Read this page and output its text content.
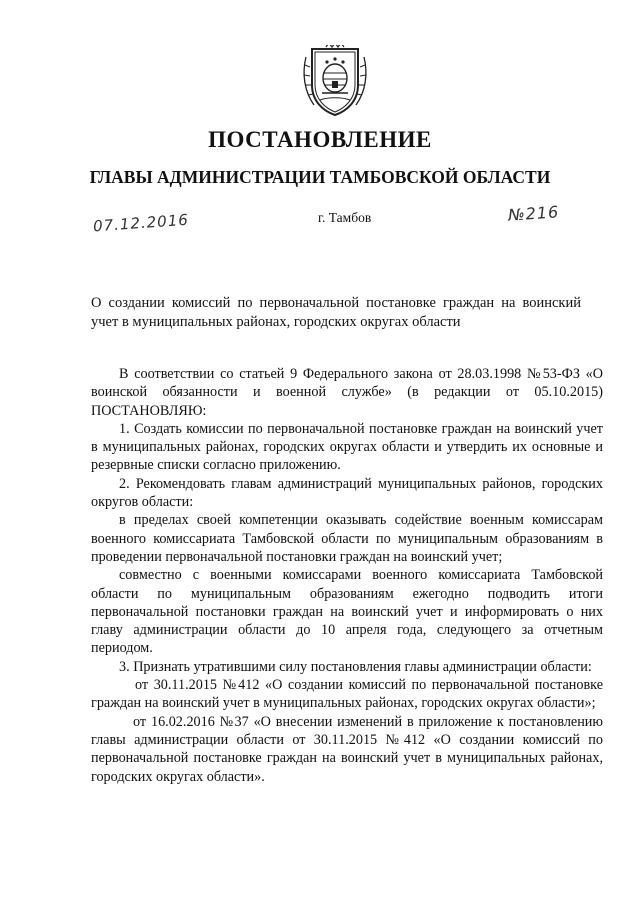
ПОСТАНОВЛЕНИЕ
ГЛАВЫ АДМИНИСТРАЦИИ ТАМБОВСКОЙ ОБЛАСТИ
07.12.2016	г. Тамбов	№216

О создании комиссий по первоначальной постановке граждан на воинский учет в муниципальных районах, городских округах области

В соответствии со статьей 9 Федерального закона от 28.03.1998 №53-ФЗ «О воинской обязанности и военной службе» (в редакции от 05.10.2015) ПОСТАНОВЛЯЮ:

1. Создать комиссии по первоначальной постановке граждан на воинский учет в муниципальных районах, городских округах области и утвердить их основные и резервные списки согласно приложению.

2. Рекомендовать главам администраций муниципальных районов, городских округов области:

в пределах своей компетенции оказывать содействие военным комиссарам военного комиссариата Тамбовской области по муниципальным образованиям в проведении первоначальной постановки граждан на воинский учет;

совместно с военными комиссарами военного комиссариата Тамбовской области по муниципальным образованиям ежегодно подводить итоги первоначальной постановки граждан на воинский учет и информировать о них главу администрации области до 10 апреля года, следующего за отчетным периодом.

3. Признать утратившими силу постановления главы администрации области:

от 30.11.2015 №412 «О создании комиссий по первоначальной постановке граждан на воинский учет в муниципальных районах, городских округах области»;

от 16.02.2016 №37 «О внесении изменений в приложение к постановлению главы администрации области от 30.11.2015 №412 «О создании комиссий по первоначальной постановке граждан на воинский учет в муниципальных районах, городских округах области».
